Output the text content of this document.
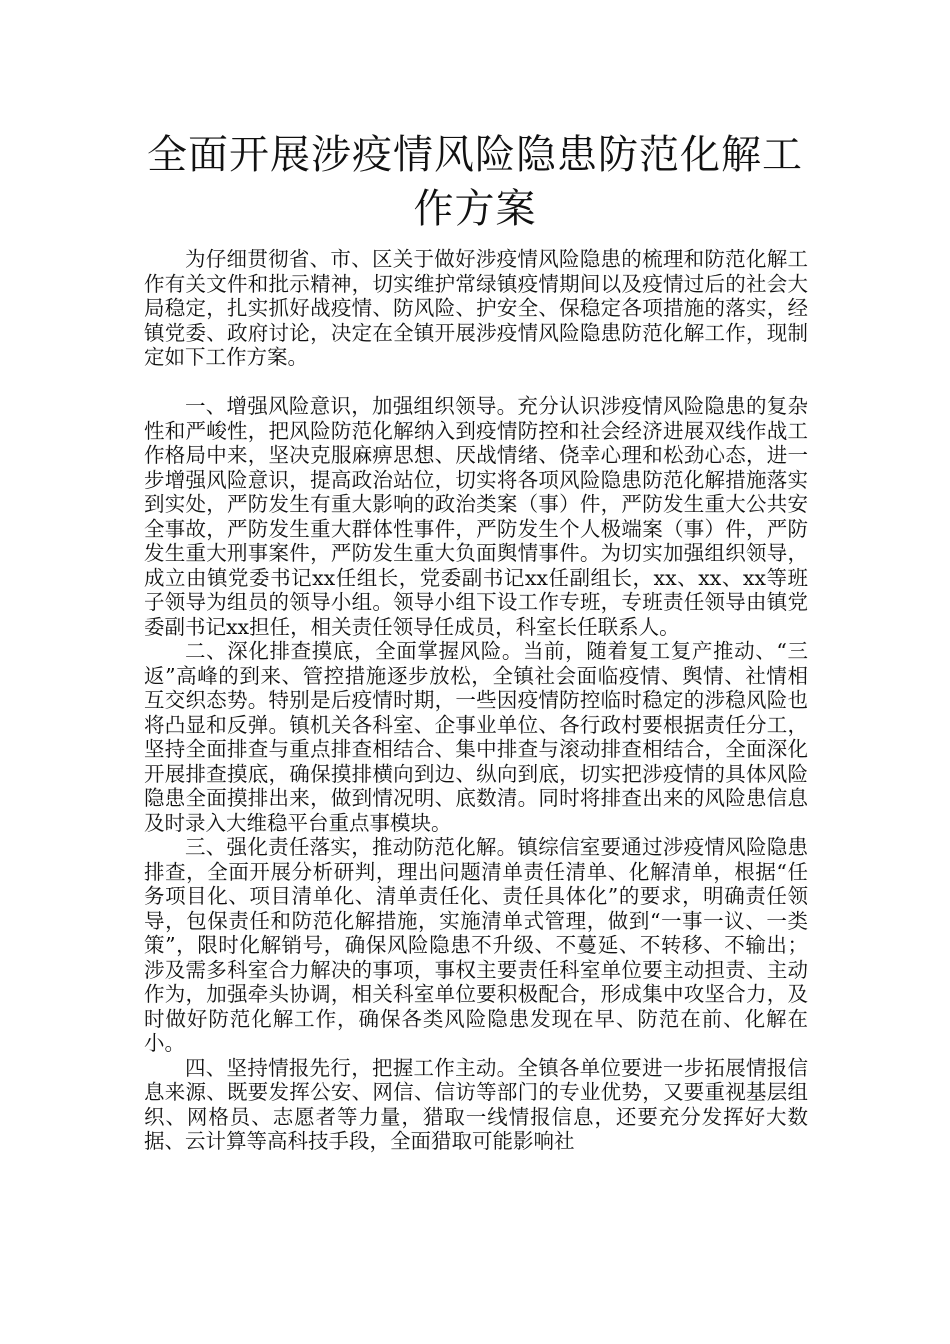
全面开展涉疫情风险隐患防范化解工作方案

为仔细贯彻省、市、区关于做好涉疫情风险隐患的梳理和防范化解工作有关文件和批示精神，切实维护常绿镇疫情期间以及疫情过后的社会大局稳定，扎实抓好战疫情、防风险、护安全、保稳定各项措施的落实，经镇党委、政府讨论，决定在全镇开展涉疫情风险隐患防范化解工作，现制定如下工作方案。

一、增强风险意识，加强组织领导。充分认识涉疫情风险隐患的复杂性和严峻性，把风险防范化解纳入到疫情防控和社会经济进展双线作战工作格局中来，坚决克服麻痹思想、厌战情绪、侥幸心理和松劲心态，进一步增强风险意识，提高政治站位，切实将各项风险隐患防范化解措施落实到实处，严防发生有重大影响的政治类案（事）件，严防发生重大公共安全事故，严防发生重大群体性事件，严防发生个人极端案（事）件，严防发生重大刑事案件，严防发生重大负面舆情事件。为切实加强组织领导，成立由镇党委书记xx任组长，党委副书记xx任副组长，xx、xx、xx等班子领导为组员的领导小组。领导小组下设工作专班，专班责任领导由镇党委副书记xx担任，相关责任领导任成员，科室长任联系人。

二、深化排查摸底，全面掌握风险。当前，随着复工复产推动、“三返”高峰的到来、管控措施逐步放松，全镇社会面临疫情、舆情、社情相互交织态势。特别是后疫情时期，一些因疫情防控临时稳定的涉稳风险也将凸显和反弹。镇机关各科室、企事业单位、各行政村要根据责任分工，坚持全面排查与重点排查相结合、集中排查与滚动排查相结合，全面深化开展排查摸底，确保摸排横向到边、纵向到底，切实把涉疫情的具体风险隐患全面摸排出来，做到情况明、底数清。同时将排查出来的风险患信息及时录入大维稳平台重点事模块。

三、强化责任落实，推动防范化解。镇综信室要通过涉疫情风险隐患排查，全面开展分析研判，理出问题清单责任清单、化解清单，根据“任务项目化、项目清单化、清单责任化、责任具体化”的要求，明确责任领导，包保责任和防范化解措施，实施清单式管理，做到“一事一议、一类策”，限时化解销号，确保风险隐患不升级、不蔓延、不转移、不输出；涉及需多科室合力解决的事项，事权主要责任科室单位要主动担责、主动作为，加强牵头协调，相关科室单位要积极配合，形成集中攻坚合力，及时做好防范化解工作，确保各类风险隐患发现在早、防范在前、化解在小。

四、坚持情报先行，把握工作主动。全镇各单位要进一步拓展情报信息来源、既要发挥公安、网信、信访等部门的专业优势，又要重视基层组织、网格员、志愿者等力量，猎取一线情报信息，还要充分发挥好大数据、云计算等高科技手段，全面猎取可能影响社
